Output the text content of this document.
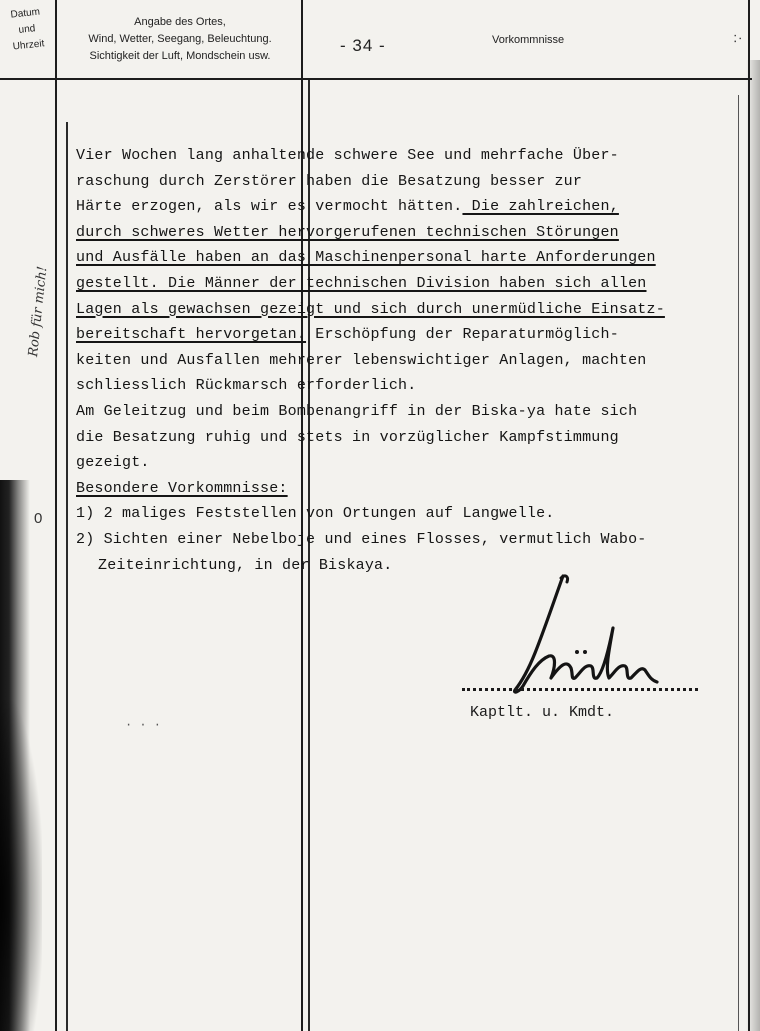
Datum
und
Uhrzeit
Angabe des Ortes,
Wind, Wetter, Seegang, Beleuchtung.
Sichtigkeit der Luft, Mondschein usw.
- 34 -	Vorkommnisse	∴
Rob für mich!
0
Vier Wochen lang anhaltende schwere See und mehrfache Über-
raschung durch Zerstörer haben die Besatzung besser zur
Härte erzogen, als wir es vermocht hätten. Die zahlreichen,
durch schweres Wetter hervorgerufenen technischen Störungen
und Ausfälle haben an das Maschinenpersonal harte Anforderungen
gestellt. Die Männer der technischen Division haben sich allen
Lagen als gewachsen gezeigt und sich durch unermüdliche Einsatz-
bereitschaft hervorgetan. Erschöpfung der Reparaturmöglich-
keiten und Ausfallen mehrerer lebenswichtiger Anlagen, machten
schliesslich Rückmarsch erforderlich.
Am Geleitzug und beim Bombenangriff in der Biska-ya hate sich
die Besatzung ruhig und stets in vorzüglicher Kampfstimmung
gezeigt.
Besondere Vorkommnisse:
1) 2 maliges Feststellen von Ortungen auf Langwelle.
2) Sichten einer Nebelboje und eines Flosses, vermutlich Wabo-
Zeiteinrichtung, in der Biskaya.
Kaptlt. u. Kmdt.
· · ·
